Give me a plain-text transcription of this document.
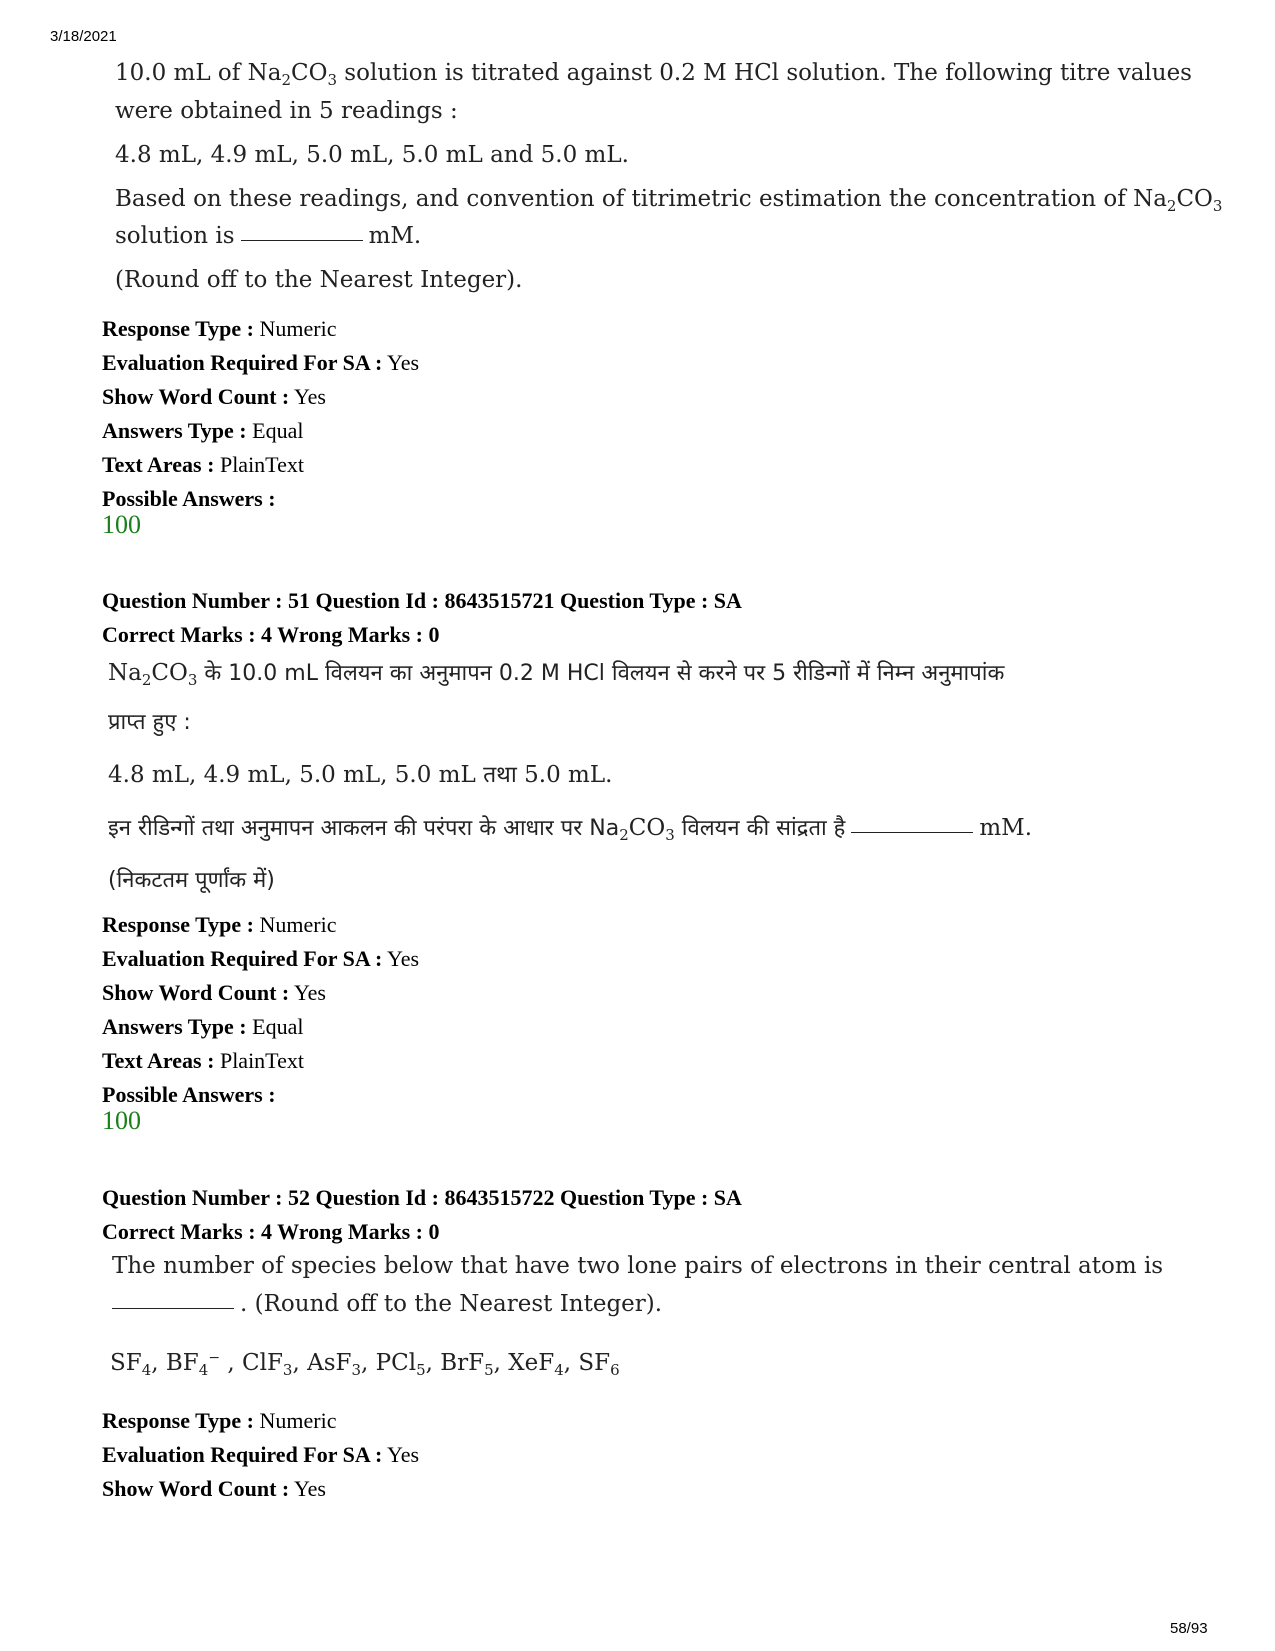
3/18/2021
10.0 mL of $Na_2CO_3$ solution is titrated against 0.2 M HCl solution. The following titre values
were obtained in 5 readings :
4.8 mL, 4.9 mL, 5.0 mL, 5.0 mL and 5.0 mL.
Based on these readings, and convention of titrimetric estimation the concentration of $Na_2CO_3$
solution is	mM.
(Round off to the Nearest Integer).
Response Type : Numeric
Evaluation Required For SA : Yes
Show Word Count : Yes
Answers Type : Equal
Text Areas : PlainText
Possible Answers :
100
Question Number : 51 Question Id : 8643515721 Question Type : SA
Correct Marks : 4 Wrong Marks : 0
$Na_2CO_3$ के 10.0 mL विलयन का अनुमापन 0.2 M HCl विलयन से करने पर 5 रीडिन्गों में निम्न अनुमापांक
प्राप्त हुए :
4.8 mL, 4.9 mL, 5.0 mL, 5.0 mL तथा 5.0 mL.
इन रीडिन्गों तथा अनुमापन आकलन की परंपरा के आधार पर $Na_2CO_3$ विलयन की सांद्रता है	mM.
(निकटतम पूर्णांक में)
Response Type : Numeric
Evaluation Required For SA : Yes
Show Word Count : Yes
Answers Type : Equal
Text Areas : PlainText
Possible Answers :
100
Question Number : 52 Question Id : 8643515722 Question Type : SA
Correct Marks : 4 Wrong Marks : 0
The number of species below that have two lone pairs of electrons in their central atom is
. (Round off to the Nearest Integer).
$SF_4$, $BF_4^-$ , ClF$_3$, AsF$_3$, PCl$_5$, BrF$_5$, XeF$_4$, $SF_6$
Response Type : Numeric
Evaluation Required For SA : Yes
Show Word Count : Yes
58/93
